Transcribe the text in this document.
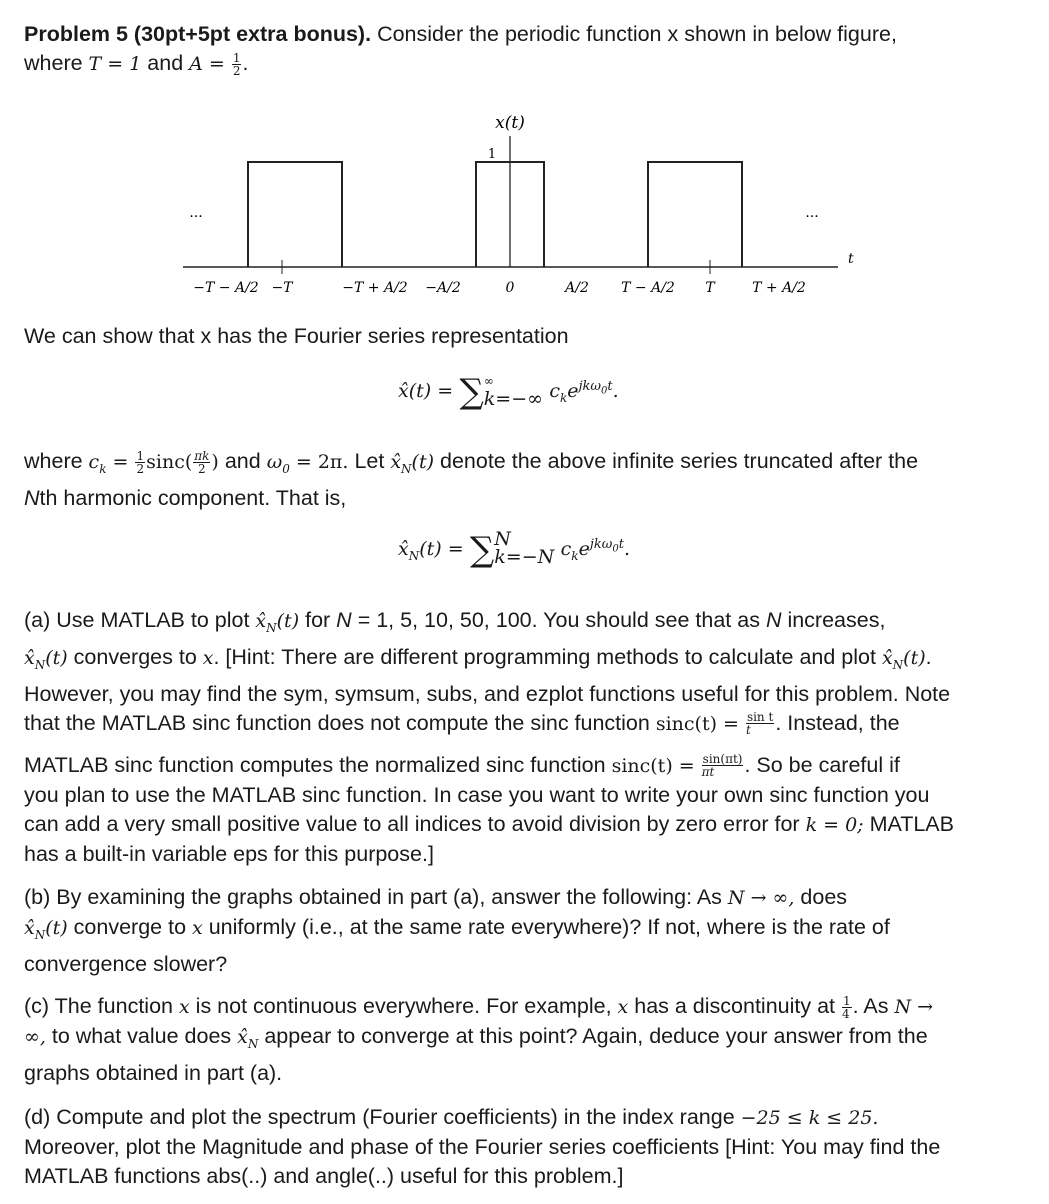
Problem 5 (30pt+5pt extra bonus). Consider the periodic function x shown in below figure,
where T = 1 and $A = \frac{1}{2}$ .
x(t)
1
t
···	···
−T − A/2 −T	−T + A/2 −A/2	0	A/2 T − A/2 T	T + A/2
We can show that x has the Fourier series representation
x̂(t) = ∑ ∞
k=−∞ $c_ke^{jk\omega_0t}$.
where $c_k = \frac{1}{2} \sin c( \frac{\pi k}{2}$ ) and $\omega_0 = 2\pi$. Let $x̂_N(t)$ denote the above infinite series truncated after the
Nth harmonic component. That is,
$x̂_N(t)$ = ∑ N
k=−N $c_ke^{jk\omega_0t}$.
(a) Use MATLAB to plot $x̂_N(t)$ for N = 1, 5, 10, 50, 100. You should see that as N increases,
$x̂_N(t)$ converges to x. [Hint: There are different programming methods to calculate and plot $x̂_N(t)$.
However, you may find the sym, symsum, subs, and ezplot functions useful for this problem. Note
that the MATLAB sinc function does not compute the sinc function $\sin c(t) = \frac{\text{sin t}}{t}$ . Instead, the
MATLAB sinc function computes the normalized sinc function $\sin c(t) = \frac{\sin(\pi t)}{\pi t}$ . So be careful if
you plan to use the MATLAB sinc function. In case you want to write your own sinc function you
can add a very small positive value to all indices to avoid division by zero error for k = 0; MATLAB
has a built-in variable eps for this purpose.]
(b) By examining the graphs obtained in part (a), answer the following: As N → ∞, does
$x̂_N(t)$ converge to x uniformly (i.e., at the same rate everywhere)? If not, where is the rate of
convergence slower?
(c) The function x is not continuous everywhere. For example, x has a discontinuity at $\frac{1}{4}$ . As N →
∞, to what value does $x̂_N$ appear to converge at this point? Again, deduce your answer from the
graphs obtained in part (a).
(d) Compute and plot the spectrum (Fourier coefficients) in the index range −25 ≤ k ≤ 25.
Moreover, plot the Magnitude and phase of the Fourier series coefficients [Hint: You may find the
MATLAB functions abs(..) and angle(..) useful for this problem.]
